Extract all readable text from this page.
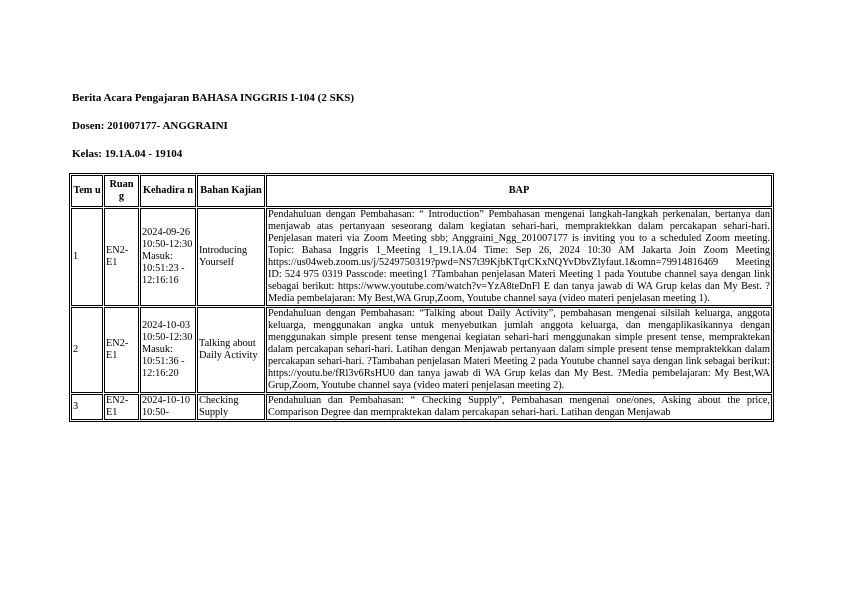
Berita Acara Pengajaran BAHASA INGGRIS I-104 (2 SKS)
Dosen: 201007177- ANGGRAINI
Kelas: 19.1A.04 - 19104
Tem u	Ruan g	Kehadira n	Bahan Kajian	BAP
1	EN2-E1	2024-09-26 10:50-12:30 Masuk: 10:51:23 - 12:16:16	Introducing Yourself	Pendahuluan dengan Pembahasan: “ Introduction” Pembahasan mengenai langkah-langkah perkenalan, bertanya dan menjawab atas pertanyaan seseorang dalam kegiatan sehari-hari, mempraktekkan dalam percakapan sehari-hari. Penjelasan materi via Zoom Meeting sbb; Anggraini_Ngg_201007177 is inviting you to a scheduled Zoom meeting. Topic: Bahasa Inggris 1_Meeting 1_19.1A.04 Time: Sep 26, 2024 10:30 AM Jakarta Join Zoom Meeting https://us04web.zoom.us/j/5249750319?pwd=NS7t39KjbKTqrCKxNQYvDbvZlyfaut.1&omn=79914816469 Meeting ID: 524 975 0319 Passcode: meeting1 ?Tambahan penjelasan Materi Meeting 1 pada Youtube channel saya dengan link sebagai berikut: https://www.youtube.com/watch?v=YzA8teDnFl E dan tanya jawab di WA Grup kelas dan My Best. ?Media pembelajaran: My Best,WA Grup,Zoom, Youtube channel saya (video materi penjelasan meeting 1).
2	EN2-E1	2024-10-03 10:50-12:30 Masuk: 10:51:36 - 12:16:20	Talking about Daily Activity	Pendahuluan dengan Pembahasan: “Talking about Daily Activity”, pembahasan mengenai silsilah keluarga, anggota keluarga, menggunakan angka untuk menyebutkan jumlah anggota keluarga, dan mengaplikasikannya dengan menggunakan simple present tense mengenai kegiatan sehari-hari menggunakan simple present tense, mempraktekan dalam percakapan sehari-hari. Latihan dengan Menjawab pertanyaan dalam simple present tense mempraktekkan dalam percakapan sehari-hari. ?Tambahan penjelasan Materi Meeting 2 pada Youtube channel saya dengan link sebagai berikut: https://youtu.be/fRl3v6RsHU0 dan tanya jawab di WA Grup kelas dan My Best. ?Media pembelajaran: My Best,WA Grup,Zoom, Youtube channel saya (video materi penjelasan meeting 2).
3	EN2-E1	2024-10-10 10:50-	Checking Supply	Pendahuluan dan Pembahasan: “ Checking Supply”, Pembahasan mengenai one/ones, Asking about the price, Comparison Degree dan mempraktekan dalam percakapan sehari-hari. Latihan dengan Menjawab
